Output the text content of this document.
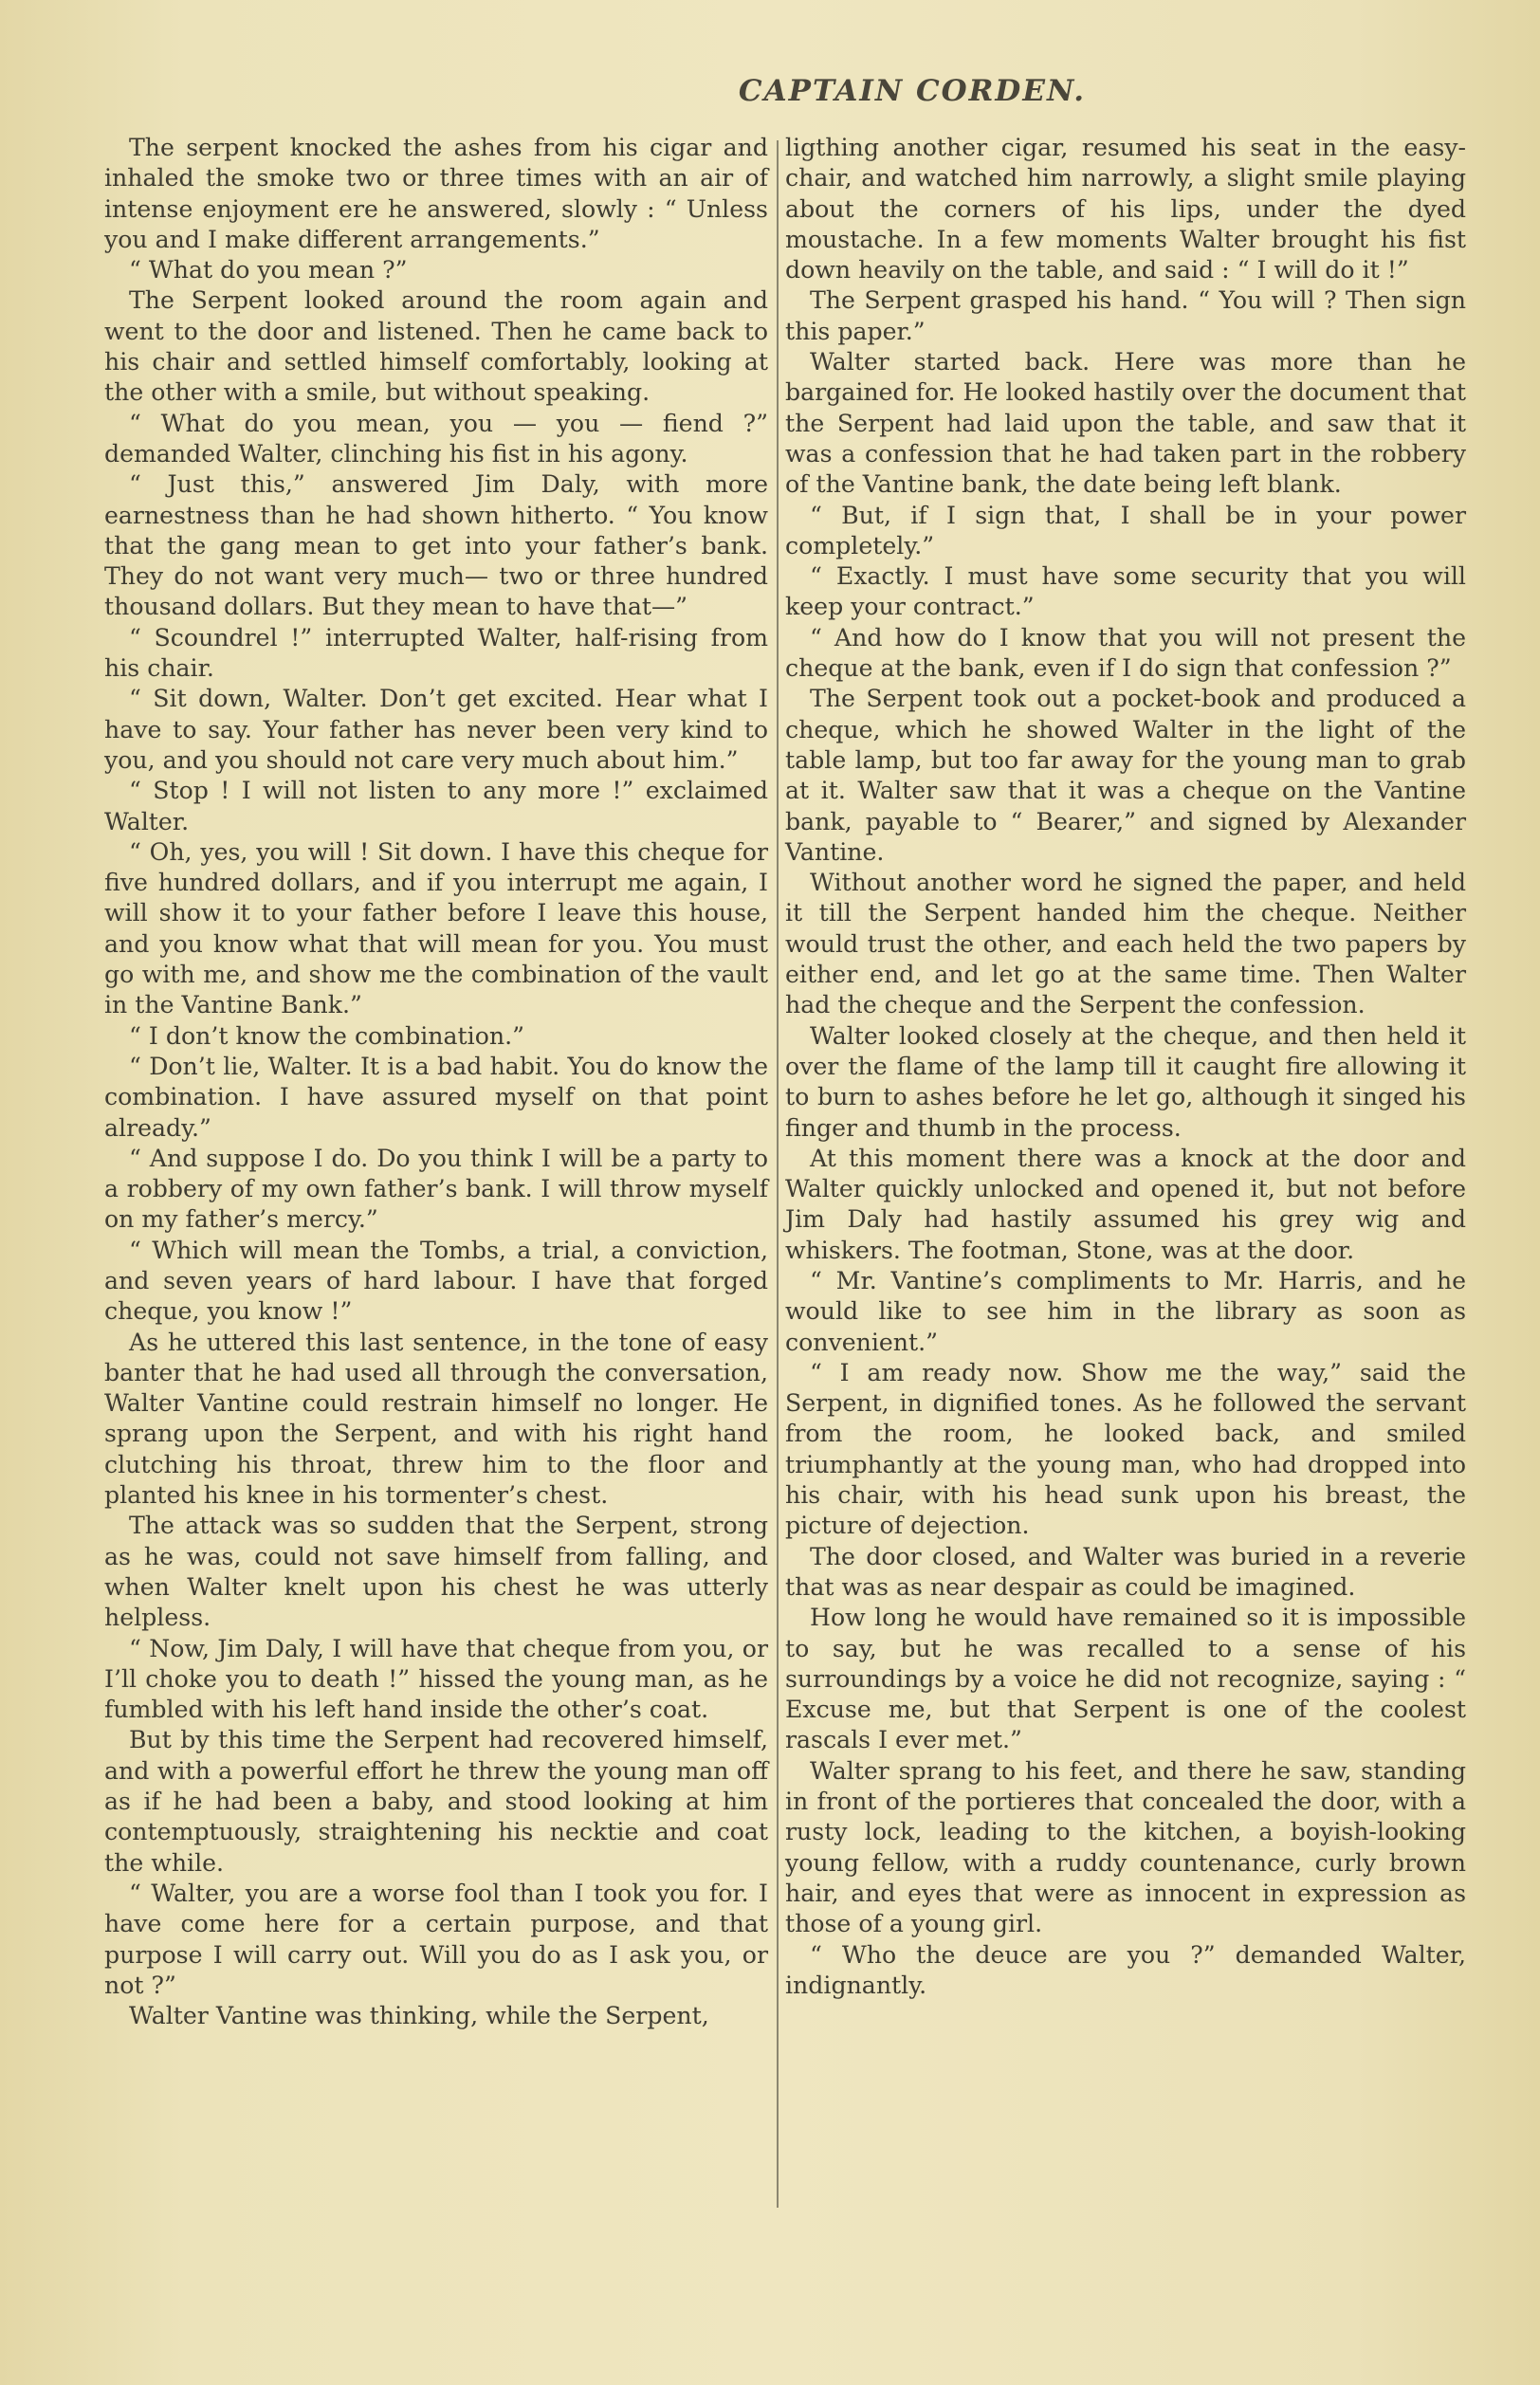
CAPTAIN CORDEN.

The serpent knocked the ashes from his cigar and inhaled the smoke two or three times with an air of intense enjoyment ere he answered, slowly : “ Unless you and I make different arrangements.”

“ What do you mean ?”

The Serpent looked around the room again and went to the door and listened. Then he came back to his chair and settled himself comfortably, looking at the other with a smile, but without speaking.

“ What do you mean, you — you — fiend ?” demanded Walter, clinching his fist in his agony.

“ Just this,” answered Jim Daly, with more earnestness than he had shown hitherto. “ You know that the gang mean to get into your father’s bank. They do not want very much— two or three hundred thousand dollars. But they mean to have that—”

“ Scoundrel !” interrupted Walter, half-rising from his chair.

“ Sit down, Walter. Don’t get excited. Hear what I have to say. Your father has never been very kind to you, and you should not care very much about him.”

“ Stop ! I will not listen to any more !” exclaimed Walter.

“ Oh, yes, you will ! Sit down. I have this cheque for five hundred dollars, and if you interrupt me again, I will show it to your father before I leave this house, and you know what that will mean for you. You must go with me, and show me the combination of the vault in the Vantine Bank.”

“ I don’t know the combination.”

“ Don’t lie, Walter. It is a bad habit. You do know the combination. I have assured myself on that point already.”

“ And suppose I do. Do you think I will be a party to a robbery of my own father’s bank. I will throw myself on my father’s mercy.”

“ Which will mean the Tombs, a trial, a conviction, and seven years of hard labour. I have that forged cheque, you know !”

As he uttered this last sentence, in the tone of easy banter that he had used all through the conversation, Walter Vantine could restrain himself no longer. He sprang upon the Serpent, and with his right hand clutching his throat, threw him to the floor and planted his knee in his tormenter’s chest.

The attack was so sudden that the Serpent, strong as he was, could not save himself from falling, and when Walter knelt upon his chest he was utterly helpless.

“ Now, Jim Daly, I will have that cheque from you, or I’ll choke you to death !” hissed the young man, as he fumbled with his left hand inside the other’s coat.

But by this time the Serpent had recovered himself, and with a powerful effort he threw the young man off as if he had been a baby, and stood looking at him contemptuously, straightening his necktie and coat the while.

“ Walter, you are a worse fool than I took you for. I have come here for a certain purpose, and that purpose I will carry out. Will you do as I ask you, or not ?”

Walter Vantine was thinking, while the Serpent,

ligthing another cigar, resumed his seat in the easy-chair, and watched him narrowly, a slight smile playing about the corners of his lips, under the dyed moustache. In a few moments Walter brought his fist down heavily on the table, and said : “ I will do it !”

The Serpent grasped his hand. “ You will ? Then sign this paper.”

Walter started back. Here was more than he bargained for. He looked hastily over the document that the Serpent had laid upon the table, and saw that it was a confession that he had taken part in the robbery of the Vantine bank, the date being left blank.

“ But, if I sign that, I shall be in your power completely.”

“ Exactly. I must have some security that you will keep your contract.”

“ And how do I know that you will not present the cheque at the bank, even if I do sign that confession ?”

The Serpent took out a pocket-book and produced a cheque, which he showed Walter in the light of the table lamp, but too far away for the young man to grab at it. Walter saw that it was a cheque on the Vantine bank, payable to “ Bearer,” and signed by Alexander Vantine.

Without another word he signed the paper, and held it till the Serpent handed him the cheque. Neither would trust the other, and each held the two papers by either end, and let go at the same time. Then Walter had the cheque and the Serpent the confession.

Walter looked closely at the cheque, and then held it over the flame of the lamp till it caught fire allowing it to burn to ashes before he let go, although it singed his finger and thumb in the process.

At this moment there was a knock at the door and Walter quickly unlocked and opened it, but not before Jim Daly had hastily assumed his grey wig and whiskers. The footman, Stone, was at the door.

“ Mr. Vantine’s compliments to Mr. Harris, and he would like to see him in the library as soon as convenient.”

“ I am ready now. Show me the way,” said the Serpent, in dignified tones. As he followed the servant from the room, he looked back, and smiled triumphantly at the young man, who had dropped into his chair, with his head sunk upon his breast, the picture of dejection.

The door closed, and Walter was buried in a reverie that was as near despair as could be imagined.

How long he would have remained so it is impossible to say, but he was recalled to a sense of his surroundings by a voice he did not recognize, saying : “ Excuse me, but that Serpent is one of the coolest rascals I ever met.”

Walter sprang to his feet, and there he saw, standing in front of the portieres that concealed the door, with a rusty lock, leading to the kitchen, a boyish-looking young fellow, with a ruddy countenance, curly brown hair, and eyes that were as innocent in expression as those of a young girl.

“ Who the deuce are you ?” demanded Walter, indignantly.
